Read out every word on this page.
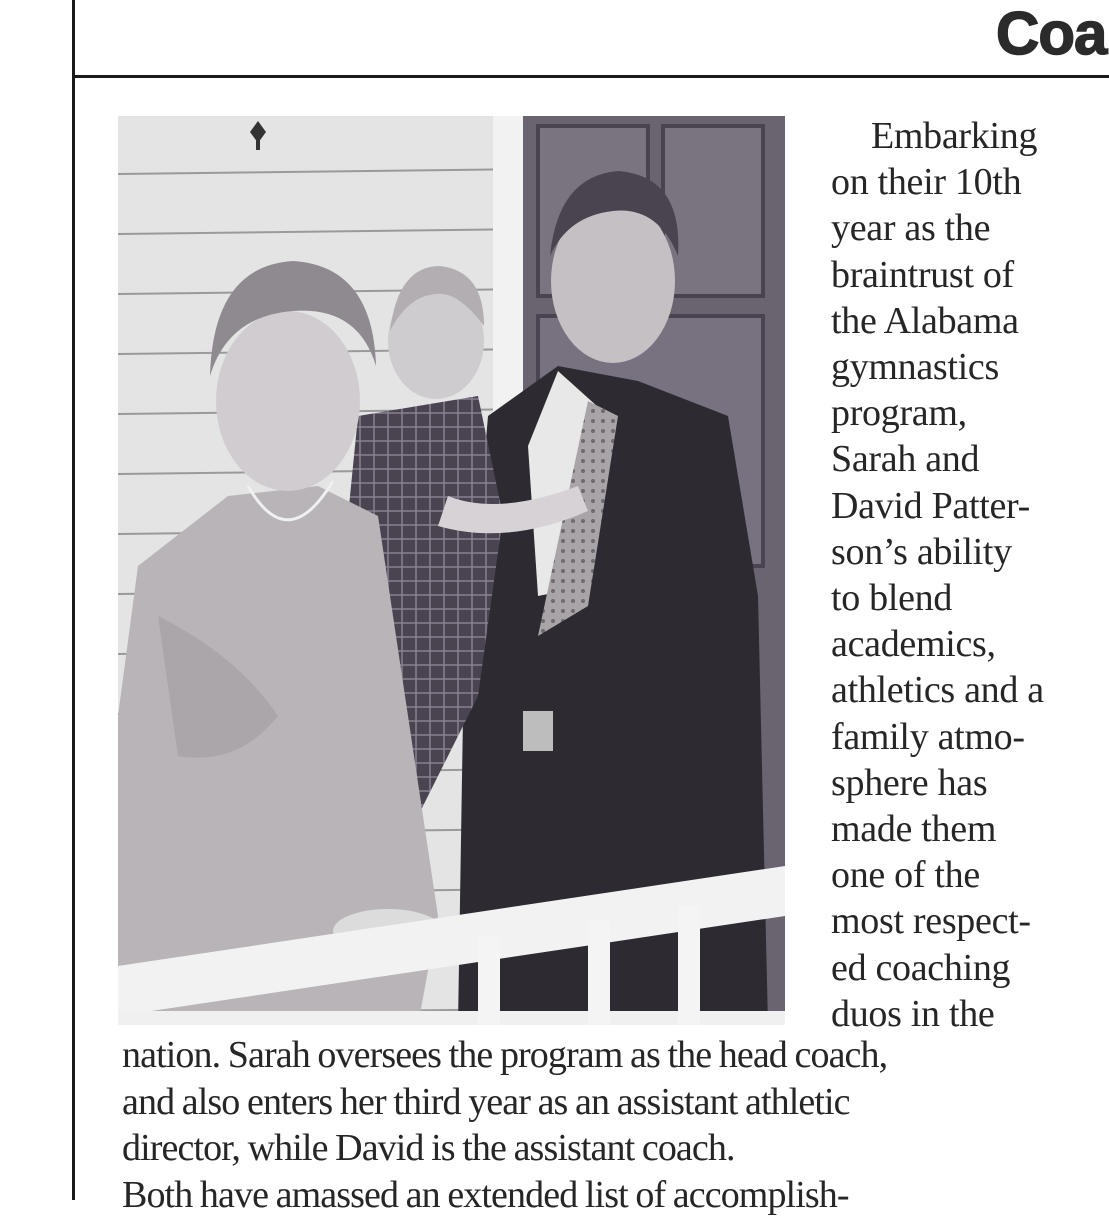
Coa
Embarking
on their 10th
year as the
braintrust of
the Alabama
gymnastics
program,
Sarah and
David Patter-
son’s ability
to blend
academics,
athletics and a
family atmo-
sphere has
made them
one of the
most respect-
ed coaching
duos in the
nation. Sarah oversees the program as the head coach,
and also enters her third year as an assistant athletic
director, while David is the assistant coach.
Both have amassed an extended list of accomplish-
